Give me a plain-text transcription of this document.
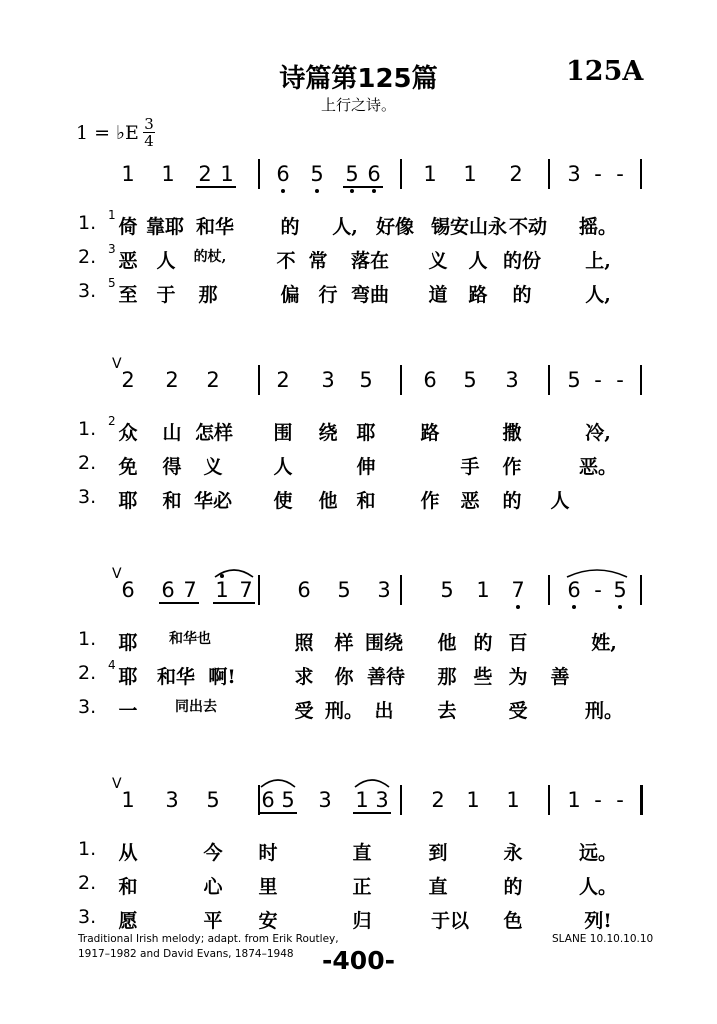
诗篇第125篇
上行之诗。
125A
1 = ♭E 3
4
1 1 2 1 6 5 5 6 1 1 2 3 - -
1. 1
倚 靠耶 和华 的 人, 好像 锡安 山永 不动 摇。
2. 3
恶 人 的杖,	不 常 落在 义 人 的份 上,
3. 5
至 于 那	偏 行 弯曲 道 路 的	人,
V
2 2 2	2 3 5 6 5 3 5 - -
1. 2
众 山 怎样 围 绕 耶 路	撒	冷,
2. 免 得 义	人	伸	手 作	恶。
3. 耶 和 华必 使 他 和 作 恶 的 人
V
6 6 7 1 7 6 5 3 5 1 7 6 - 5
1. 耶 和华也	照 样 围绕 他 的 百	姓,
2. 4
耶 和华 啊!	求 你 善待 那 些 为 善
3. 一	同出去	受 刑。 出 去	受	刑。
V
1 3 5 6 5 3 1 3 2 1 1 1 - -
1. 从	今 时	直	到	永	远。
2. 和	心 里	正	直	的	人。
3. 愿	平 安	归	于以 色	列!
Traditional Irish melody; adapt. from Erik Routley,
1917–1982 and David Evans, 1874–1948
SLANE 10.10.10.10
-400-
